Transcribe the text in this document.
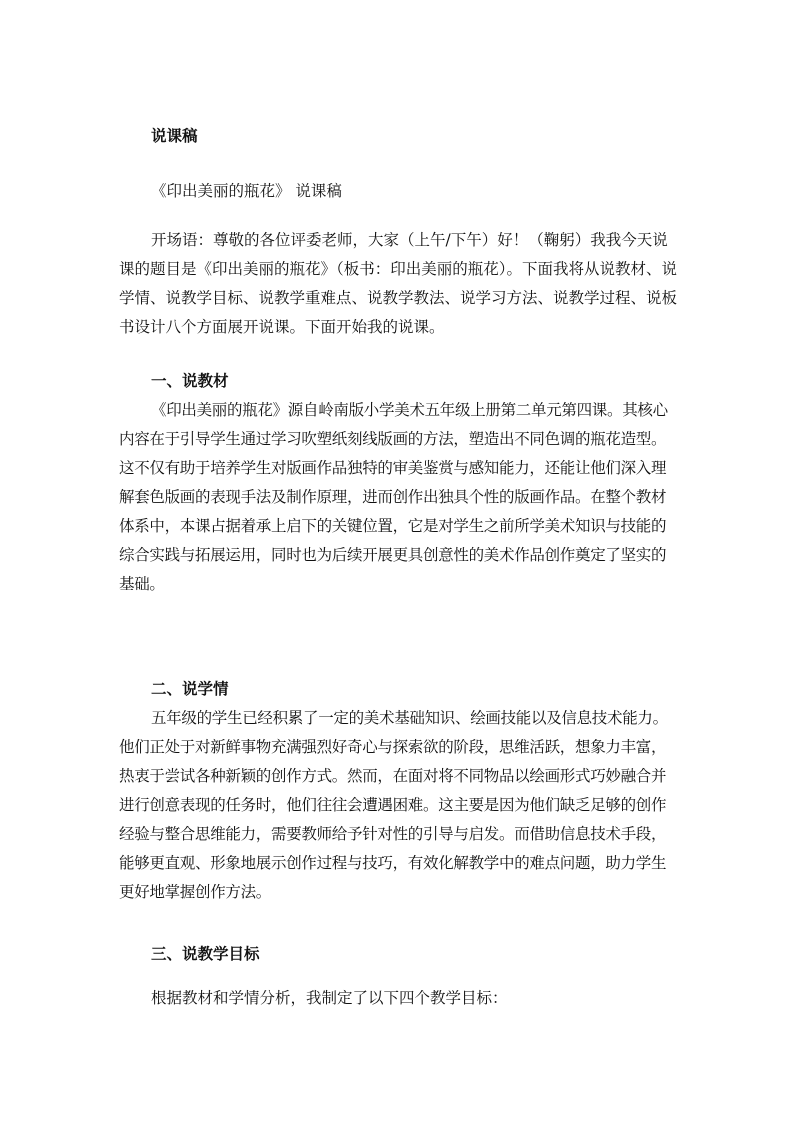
说课稿

《印出美丽的瓶花》 说课稿

开场语：尊敬的各位评委老师，大家（上午/下午）好！（鞠躬）我我今天说课的题目是《印出美丽的瓶花》（板书：印出美丽的瓶花）。下面我将从说教材、说学情、说教学目标、说教学重难点、说教学教法、说学习方法、说教学过程、说板书设计八个方面展开说课。下面开始我的说课。

一、说教材

《印出美丽的瓶花》源自岭南版小学美术五年级上册第二单元第四课。其核心内容在于引导学生通过学习吹塑纸刻线版画的方法，塑造出不同色调的瓶花造型。这不仅有助于培养学生对版画作品独特的审美鉴赏与感知能力，还能让他们深入理解套色版画的表现手法及制作原理，进而创作出独具个性的版画作品。在整个教材体系中，本课占据着承上启下的关键位置，它是对学生之前所学美术知识与技能的综合实践与拓展运用，同时也为后续开展更具创意性的美术作品创作奠定了坚实的基础。

二、说学情

五年级的学生已经积累了一定的美术基础知识、绘画技能以及信息技术能力。他们正处于对新鲜事物充满强烈好奇心与探索欲的阶段，思维活跃，想象力丰富，热衷于尝试各种新颖的创作方式。然而，在面对将不同物品以绘画形式巧妙融合并进行创意表现的任务时，他们往往会遭遇困难。这主要是因为他们缺乏足够的创作经验与整合思维能力，需要教师给予针对性的引导与启发。而借助信息技术手段，能够更直观、形象地展示创作过程与技巧，有效化解教学中的难点问题，助力学生更好地掌握创作方法。

三、说教学目标

根据教材和学情分析，我制定了以下四个教学目标：
